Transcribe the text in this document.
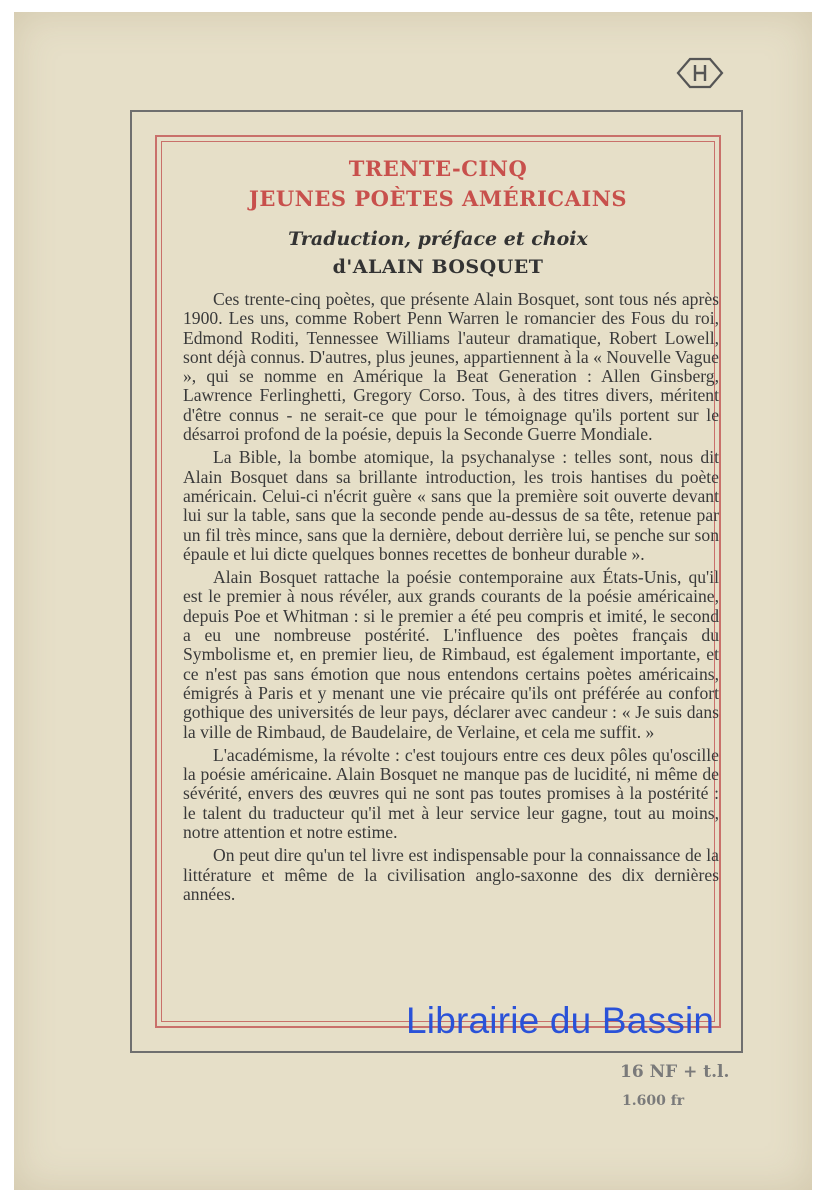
TRENTE-CINQ
JEUNES POÈTES AMÉRICAINS
Traduction, préface et choix
d'ALAIN BOSQUET

Ces trente-cinq poètes, que présente Alain Bosquet, sont tous nés après 1900. Les uns, comme Robert Penn Warren le romancier des Fous du roi, Edmond Roditi, Tennessee Williams l'auteur dramatique, Robert Lowell, sont déjà connus. D'autres, plus jeunes, appartiennent à la « Nouvelle Vague », qui se nomme en Amérique la Beat Generation : Allen Ginsberg, Lawrence Ferlinghetti, Gregory Corso. Tous, à des titres divers, méritent d'être connus - ne serait-ce que pour le témoignage qu'ils portent sur le désarroi profond de la poésie, depuis la Seconde Guerre Mondiale.

La Bible, la bombe atomique, la psychanalyse : telles sont, nous dit Alain Bosquet dans sa brillante introduction, les trois hantises du poète américain. Celui-ci n'écrit guère « sans que la première soit ouverte devant lui sur la table, sans que la seconde pende au-dessus de sa tête, retenue par un fil très mince, sans que la dernière, debout derrière lui, se penche sur son épaule et lui dicte quelques bonnes recettes de bonheur durable ».

Alain Bosquet rattache la poésie contemporaine aux États-Unis, qu'il est le premier à nous révéler, aux grands courants de la poésie américaine, depuis Poe et Whitman : si le premier a été peu compris et imité, le second a eu une nombreuse postérité. L'influence des poètes français du Symbolisme et, en premier lieu, de Rimbaud, est également importante, et ce n'est pas sans émotion que nous entendons certains poètes américains, émigrés à Paris et y menant une vie précaire qu'ils ont préférée au confort gothique des universités de leur pays, déclarer avec candeur : « Je suis dans la ville de Rimbaud, de Baudelaire, de Verlaine, et cela me suffit. »

L'académisme, la révolte : c'est toujours entre ces deux pôles qu'oscille la poésie américaine. Alain Bosquet ne manque pas de lucidité, ni même de sévérité, envers des œuvres qui ne sont pas toutes promises à la postérité : le talent du traducteur qu'il met à leur service leur gagne, tout au moins, notre attention et notre estime.

On peut dire qu'un tel livre est indispensable pour la connaissance de la littérature et même de la civilisation anglo-saxonne des dix dernières années.

Librairie du Bassin
16 NF + t.l.
1.600 fr
